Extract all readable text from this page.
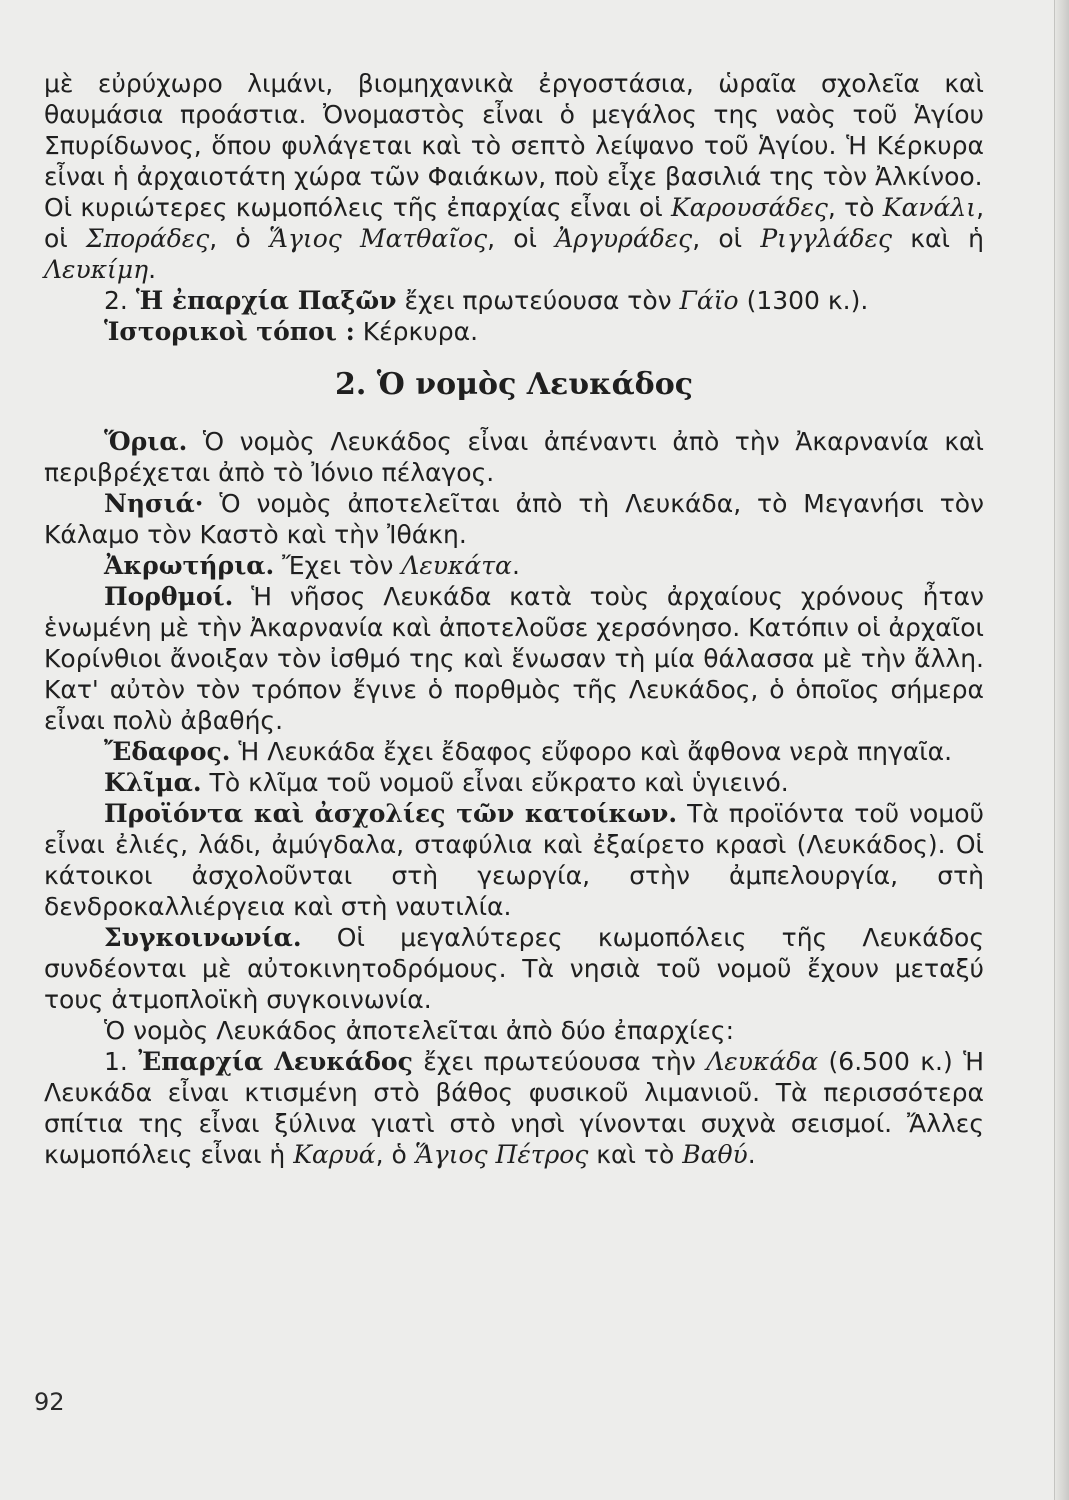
μὲ εὐρύχωρο λιμάνι, βιομηχανικὰ ἐργοστάσια, ὡραῖα σχολεῖα καὶ θαυμάσια προάστια. Ὀνομαστὸς εἶναι ὁ μεγάλος της ναὸς τοῦ Ἁγίου Σπυρίδωνος, ὅπου φυλάγεται καὶ τὸ σεπτὸ λείψανο τοῦ Ἁγίου. Ἡ Κέρκυρα εἶναι ἡ ἀρχαιοτάτη χώρα τῶν Φαιάκων, ποὺ εἶχε βασιλιά της τὸν Ἀλκίνοο.

Οἱ κυριώτερες κωμοπόλεις τῆς ἐπαρχίας εἶναι οἱ Καρουσάδες, τὸ Κανάλι, οἱ Σποράδες, ὁ Ἅγιος Ματθαῖος, οἱ Ἀργυράδες, οἱ Ριγγλάδες καὶ ἡ Λευκίμη.

2. Ἡ ἐπαρχία Παξῶν ἔχει πρωτεύουσα τὸν Γάϊο (1300 κ.).

Ἱστορικοὶ τόποι : Κέρκυρα.

2. Ὁ νομὸς Λευκάδος

Ὅρια. Ὁ νομὸς Λευκάδος εἶναι ἀπέναντι ἀπὸ τὴν Ἀκαρνανία καὶ περιβρέχεται ἀπὸ τὸ Ἰόνιο πέλαγος.

Νησιά· Ὁ νομὸς ἀποτελεῖται ἀπὸ τὴ Λευκάδα, τὸ Μεγανήσι τὸν Κάλαμο τὸν Καστὸ καὶ τὴν Ἰθάκη.

Ἀκρωτήρια. Ἔχει τὸν Λευκάτα.

Πορθμοί. Ἡ νῆσος Λευκάδα κατὰ τοὺς ἀρχαίους χρόνους ἦταν ἑνωμένη μὲ τὴν Ἀκαρνανία καὶ ἀποτελοῦσε χερσόνησο. Κατόπιν οἱ ἀρχαῖοι Κορίνθιοι ἄνοιξαν τὸν ἰσθμό της καὶ ἕνωσαν τὴ μία θάλασσα μὲ τὴν ἄλλη. Κατ' αὐτὸν τὸν τρόπον ἔγινε ὁ πορθμὸς τῆς Λευκάδος, ὁ ὁποῖος σήμερα εἶναι πολὺ ἀβαθής.

Ἔδαφος. Ἡ Λευκάδα ἔχει ἔδαφος εὔφορο καὶ ἄφθονα νερὰ πηγαῖα.

Κλῖμα. Τὸ κλῖμα τοῦ νομοῦ εἶναι εὔκρατο καὶ ὑγιεινό.

Προϊόντα καὶ ἀσχολίες τῶν κατοίκων. Τὰ προϊόντα τοῦ νομοῦ εἶναι ἐλιές, λάδι, ἀμύγδαλα, σταφύλια καὶ ἐξαίρετο κρασὶ (Λευκάδος). Οἱ κάτοικοι ἀσχολοῦνται στὴ γεωργία, στὴν ἀμπελουργία, στὴ δενδροκαλλιέργεια καὶ στὴ ναυτιλία.

Συγκοινωνία. Οἱ μεγαλύτερες κωμοπόλεις τῆς Λευκάδος συνδέονται μὲ αὐτοκινητοδρόμους. Τὰ νησιὰ τοῦ νομοῦ ἔχουν μεταξύ τους ἀτμοπλοϊκὴ συγκοινωνία.

Ὁ νομὸς Λευκάδος ἀποτελεῖται ἀπὸ δύο ἐπαρχίες:

1. Ἐπαρχία Λευκάδος ἔχει πρωτεύουσα τὴν Λευκάδα (6.500 κ.) Ἡ Λευκάδα εἶναι κτισμένη στὸ βάθος φυσικοῦ λιμανιοῦ. Τὰ περισσότερα σπίτια της εἶναι ξύλινα γιατὶ στὸ νησὶ γίνονται συχνὰ σεισμοί. Ἄλλες κωμοπόλεις εἶναι ἡ Καρυά, ὁ Ἅγιος Πέτρος καὶ τὸ Βαθύ.

92
